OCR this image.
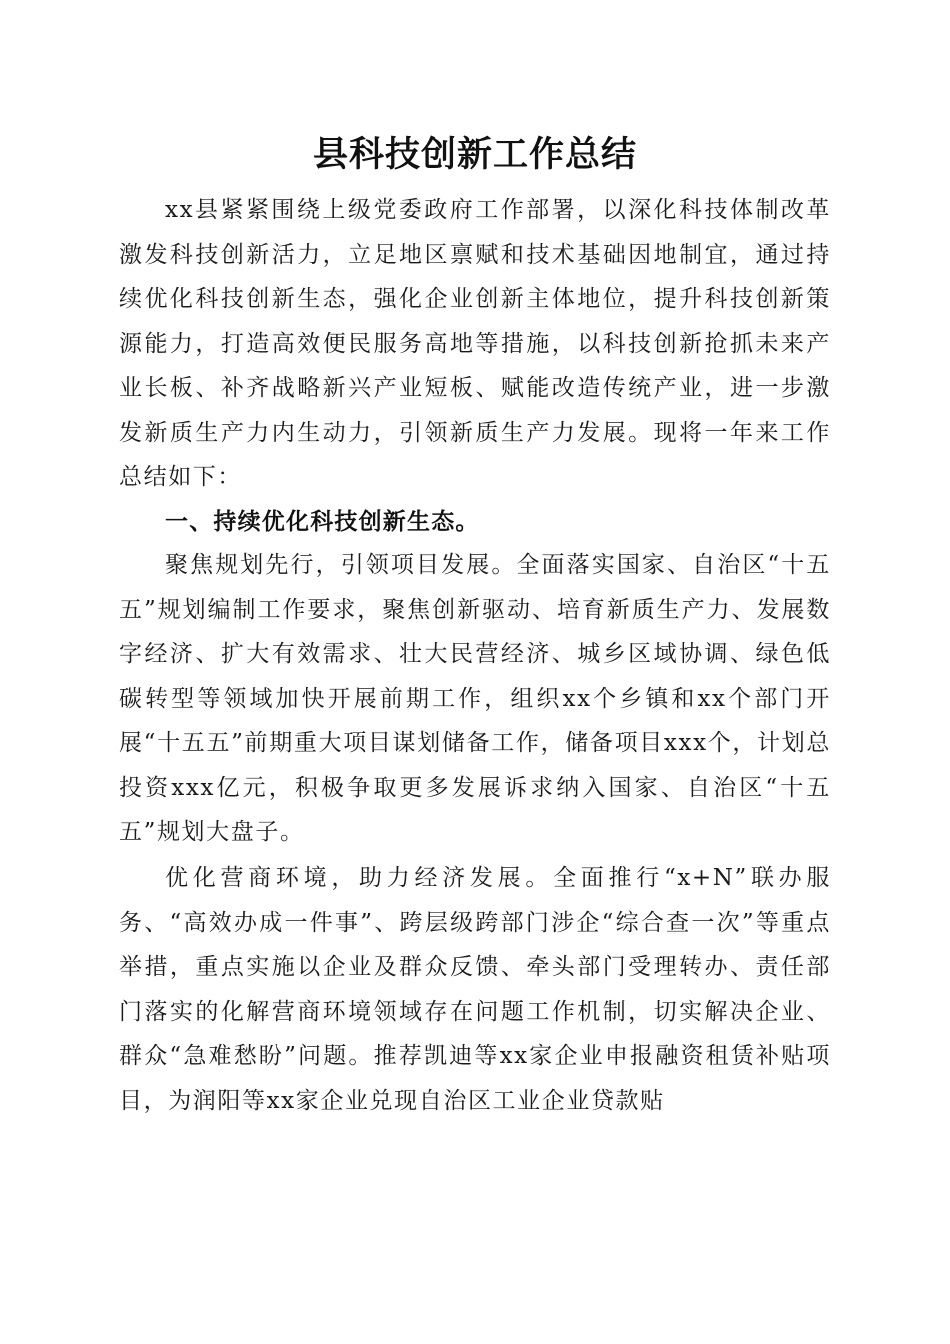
县科技创新工作总结

xx县紧紧围绕上级党委政府工作部署，以深化科技体制改革激发科技创新活力，立足地区禀赋和技术基础因地制宜，通过持续优化科技创新生态，强化企业创新主体地位，提升科技创新策源能力，打造高效便民服务高地等措施，以科技创新抢抓未来产业长板、补齐战略新兴产业短板、赋能改造传统产业，进一步激发新质生产力内生动力，引领新质生产力发展。现将一年来工作总结如下：

一、持续优化科技创新生态。

聚焦规划先行，引领项目发展。全面落实国家、自治区“十五五”规划编制工作要求，聚焦创新驱动、培育新质生产力、发展数字经济、扩大有效需求、壮大民营经济、城乡区域协调、绿色低碳转型等领域加快开展前期工作，组织xx个乡镇和xx个部门开展“十五五”前期重大项目谋划储备工作，储备项目xxx个，计划总投资xxx亿元，积极争取更多发展诉求纳入国家、自治区“十五五”规划大盘子。

优化营商环境，助力经济发展。全面推行“x+N”联办服务、“高效办成一件事”、跨层级跨部门涉企“综合查一次”等重点举措，重点实施以企业及群众反馈、牵头部门受理转办、责任部门落实的化解营商环境领域存在问题工作机制，切实解决企业、群众“急难愁盼”问题。推荐凯迪等xx家企业申报融资租赁补贴项目，为润阳等xx家企业兑现自治区工业企业贷款贴
